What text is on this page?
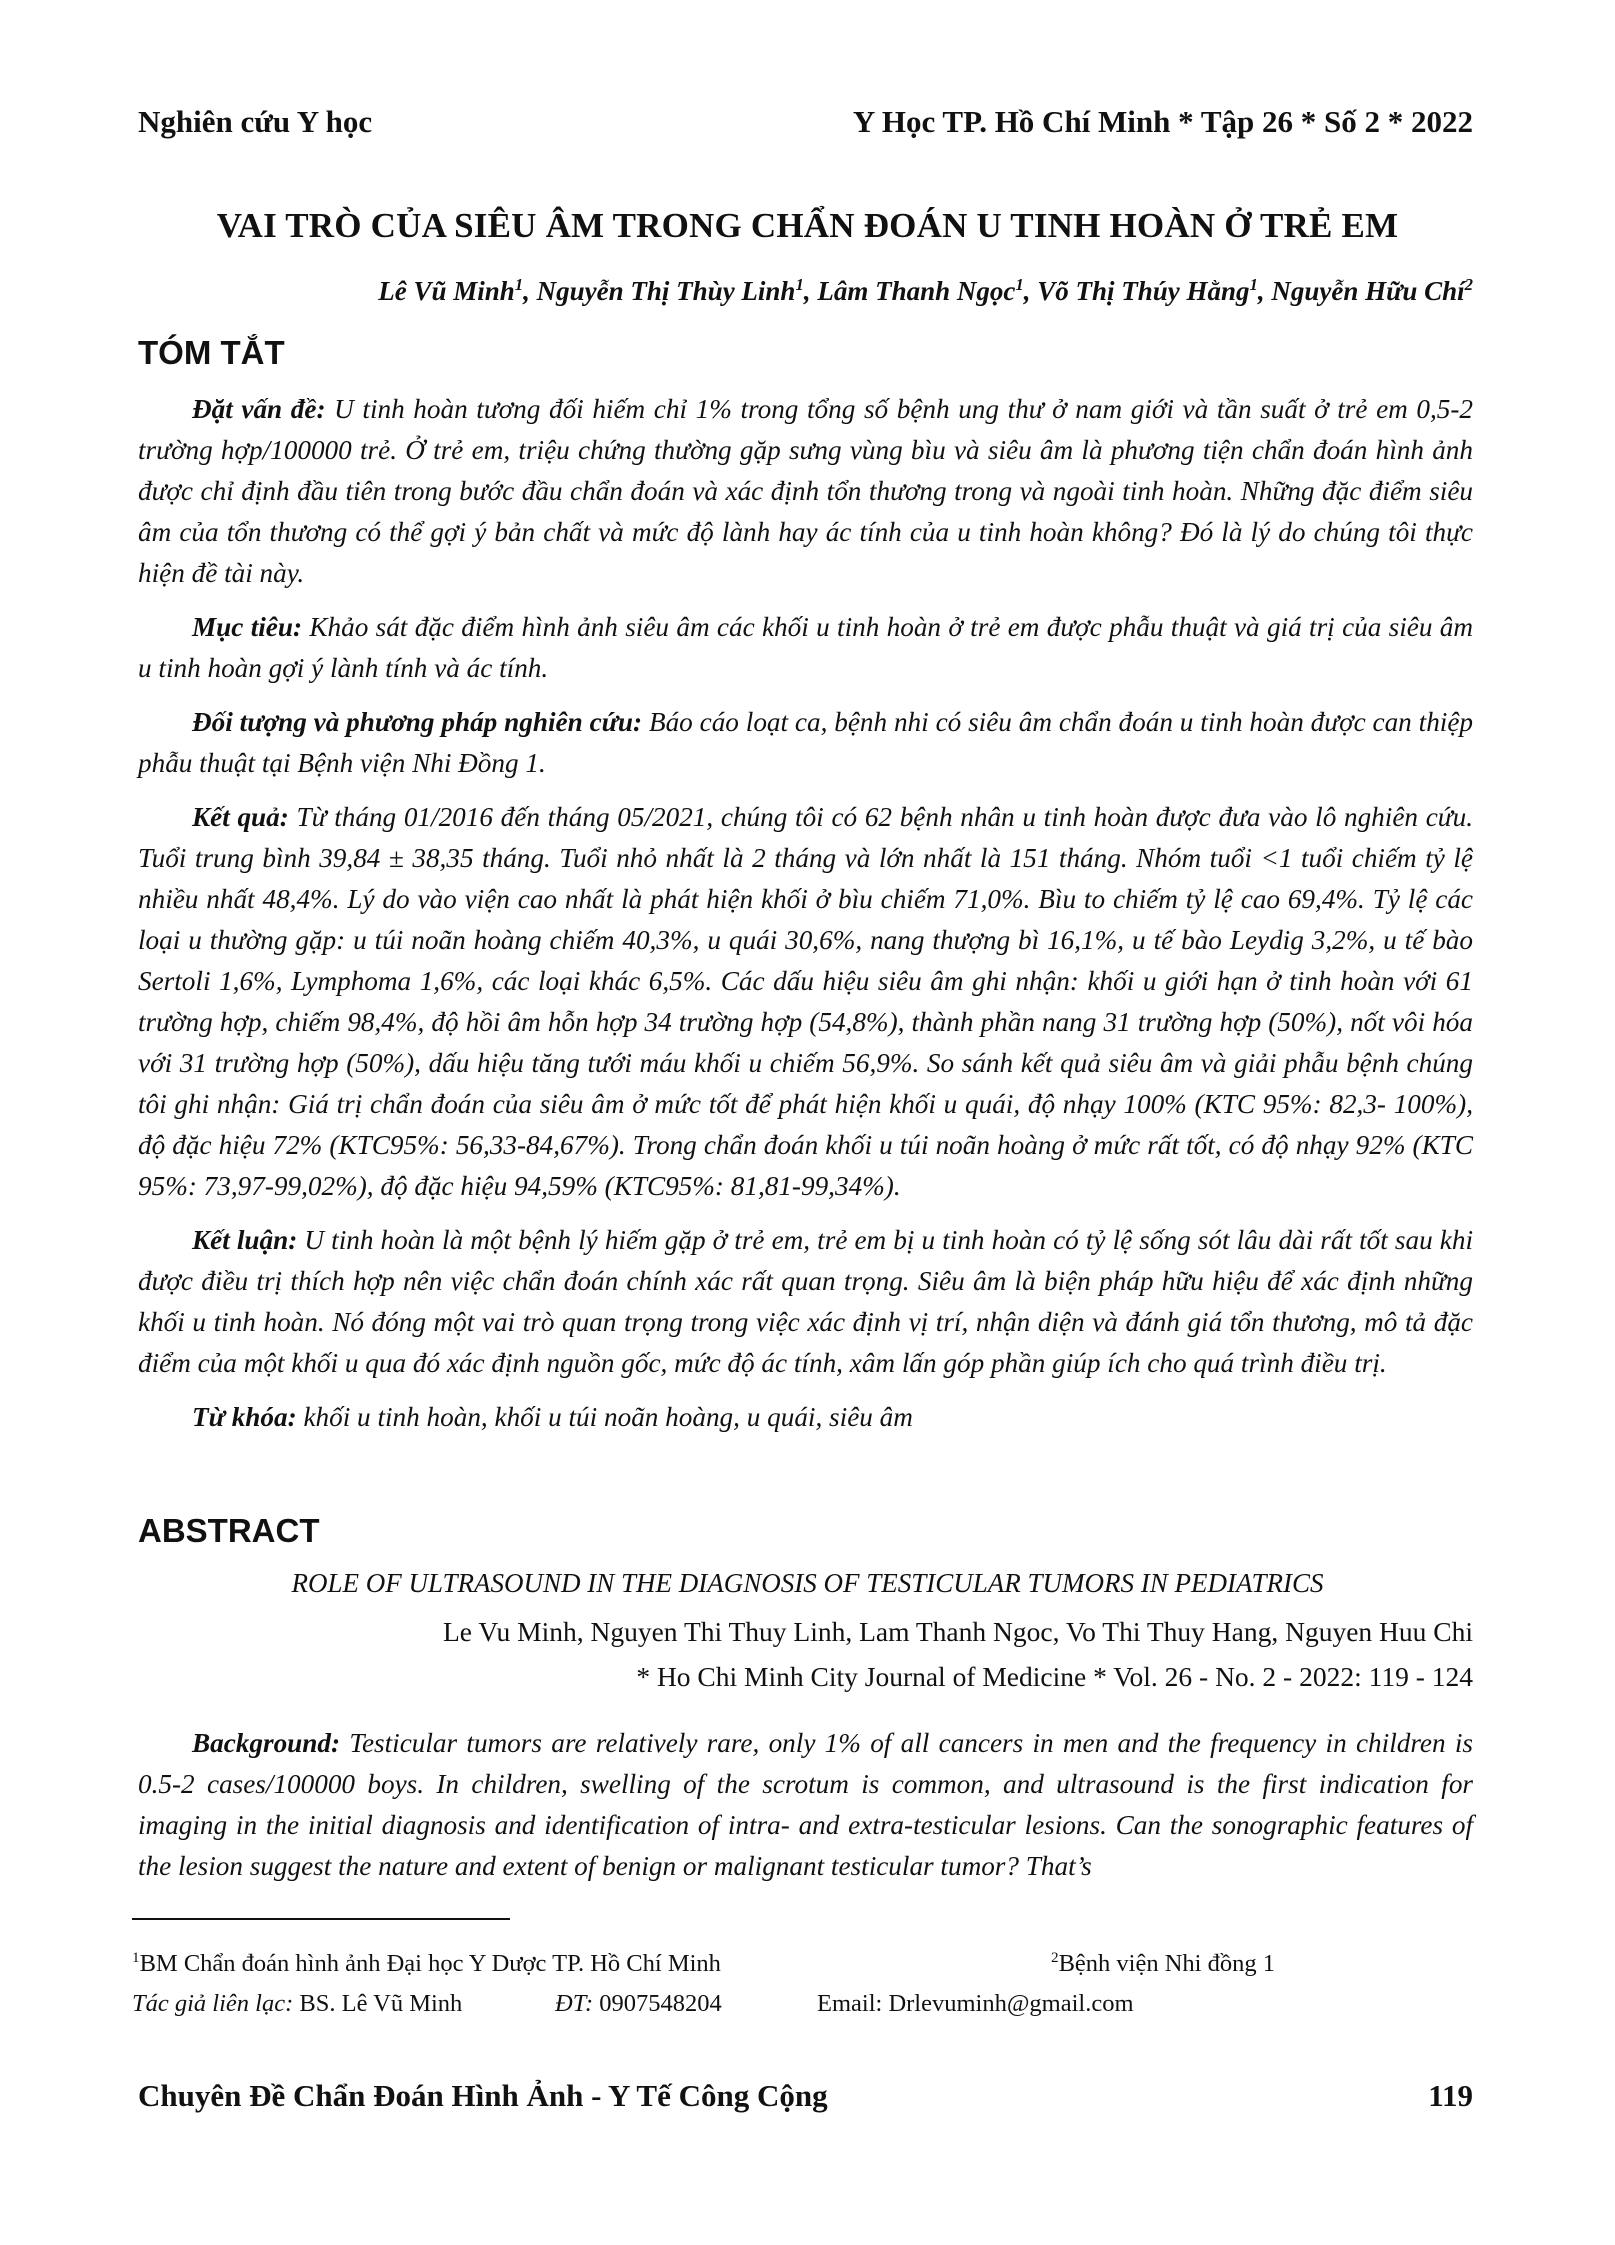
Nghiên cứu Y học	Y Học TP. Hồ Chí Minh * Tập 26 * Số 2 * 2022
VAI TRÒ CỦA SIÊU ÂM TRONG CHẨN ĐOÁN U TINH HOÀN Ở TRẺ EM
Lê Vũ Minh$^1$, Nguyễn Thị Thùy Linh$^1$, Lâm Thanh Ngọc$^1$, Võ Thị Thúy Hằng$^1$, Nguyễn Hữu Chí$^2$
TÓM TẮT

Đặt vấn đề: U tinh hoàn tương đối hiếm chỉ 1% trong tổng số bệnh ung thư ở nam giới và tần suất ở trẻ em 0,5-2 trường hợp/100000 trẻ. Ở trẻ em, triệu chứng thường gặp sưng vùng bìu và siêu âm là phương tiện chẩn đoán hình ảnh được chỉ định đầu tiên trong bước đầu chẩn đoán và xác định tổn thương trong và ngoài tinh hoàn. Những đặc điểm siêu âm của tổn thương có thể gợi ý bản chất và mức độ lành hay ác tính của u tinh hoàn không? Đó là lý do chúng tôi thực hiện đề tài này.

Mục tiêu: Khảo sát đặc điểm hình ảnh siêu âm các khối u tinh hoàn ở trẻ em được phẫu thuật và giá trị của siêu âm u tinh hoàn gợi ý lành tính và ác tính.

Đối tượng và phương pháp nghiên cứu: Báo cáo loạt ca, bệnh nhi có siêu âm chẩn đoán u tinh hoàn được can thiệp phẫu thuật tại Bệnh viện Nhi Đồng 1.

Kết quả: Từ tháng 01/2016 đến tháng 05/2021, chúng tôi có 62 bệnh nhân u tinh hoàn được đưa vào lô nghiên cứu. Tuổi trung bình 39,84 ± 38,35 tháng. Tuổi nhỏ nhất là 2 tháng và lớn nhất là 151 tháng. Nhóm tuổi <1 tuổi chiếm tỷ lệ nhiều nhất 48,4%. Lý do vào viện cao nhất là phát hiện khối ở bìu chiếm 71,0%. Bìu to chiếm tỷ lệ cao 69,4%. Tỷ lệ các loại u thường gặp: u túi noãn hoàng chiếm 40,3%, u quái 30,6%, nang thượng bì 16,1%, u tế bào Leydig 3,2%, u tế bào Sertoli 1,6%, Lymphoma 1,6%, các loại khác 6,5%. Các dấu hiệu siêu âm ghi nhận: khối u giới hạn ở tinh hoàn với 61 trường hợp, chiếm 98,4%, độ hồi âm hỗn hợp 34 trường hợp (54,8%), thành phần nang 31 trường hợp (50%), nốt vôi hóa với 31 trường hợp (50%), dấu hiệu tăng tưới máu khối u chiếm 56,9%. So sánh kết quả siêu âm và giải phẫu bệnh chúng tôi ghi nhận: Giá trị chẩn đoán của siêu âm ở mức tốt để phát hiện khối u quái, độ nhạy 100% (KTC 95%: 82,3- 100%), độ đặc hiệu 72% (KTC95%: 56,33-84,67%). Trong chẩn đoán khối u túi noãn hoàng ở mức rất tốt, có độ nhạy 92% (KTC 95%: 73,97-99,02%), độ đặc hiệu 94,59% (KTC95%: 81,81-99,34%).

Kết luận: U tinh hoàn là một bệnh lý hiếm gặp ở trẻ em, trẻ em bị u tinh hoàn có tỷ lệ sống sót lâu dài rất tốt sau khi được điều trị thích hợp nên việc chẩn đoán chính xác rất quan trọng. Siêu âm là biện pháp hữu hiệu để xác định những khối u tinh hoàn. Nó đóng một vai trò quan trọng trong việc xác định vị trí, nhận diện và đánh giá tổn thương, mô tả đặc điểm của một khối u qua đó xác định nguồn gốc, mức độ ác tính, xâm lấn góp phần giúp ích cho quá trình điều trị.

Từ khóa: khối u tinh hoàn, khối u túi noãn hoàng, u quái, siêu âm

ABSTRACT
ROLE OF ULTRASOUND IN THE DIAGNOSIS OF TESTICULAR TUMORS IN PEDIATRICS
Le Vu Minh, Nguyen Thi Thuy Linh, Lam Thanh Ngoc, Vo Thi Thuy Hang, Nguyen Huu Chi
* Ho Chi Minh City Journal of Medicine * Vol. 26 - No. 2 - 2022: 119 - 124

Background: Testicular tumors are relatively rare, only 1% of all cancers in men and the frequency in children is 0.5-2 cases/100000 boys. In children, swelling of the scrotum is common, and ultrasound is the first indication for imaging in the initial diagnosis and identification of intra- and extra-testicular lesions. Can the sonographic features of the lesion suggest the nature and extent of benign or malignant testicular tumor? That’s

$^1$BM Chẩn đoán hình ảnh Đại học Y Dược TP. Hồ Chí Minh	$^2$Bệnh viện Nhi đồng 1
Tác giả liên lạc: BS. Lê Vũ Minh	ĐT: 0907548204	Email: Drlevuminh@gmail.com
Chuyên Đề Chẩn Đoán Hình Ảnh - Y Tế Công Cộng	119
